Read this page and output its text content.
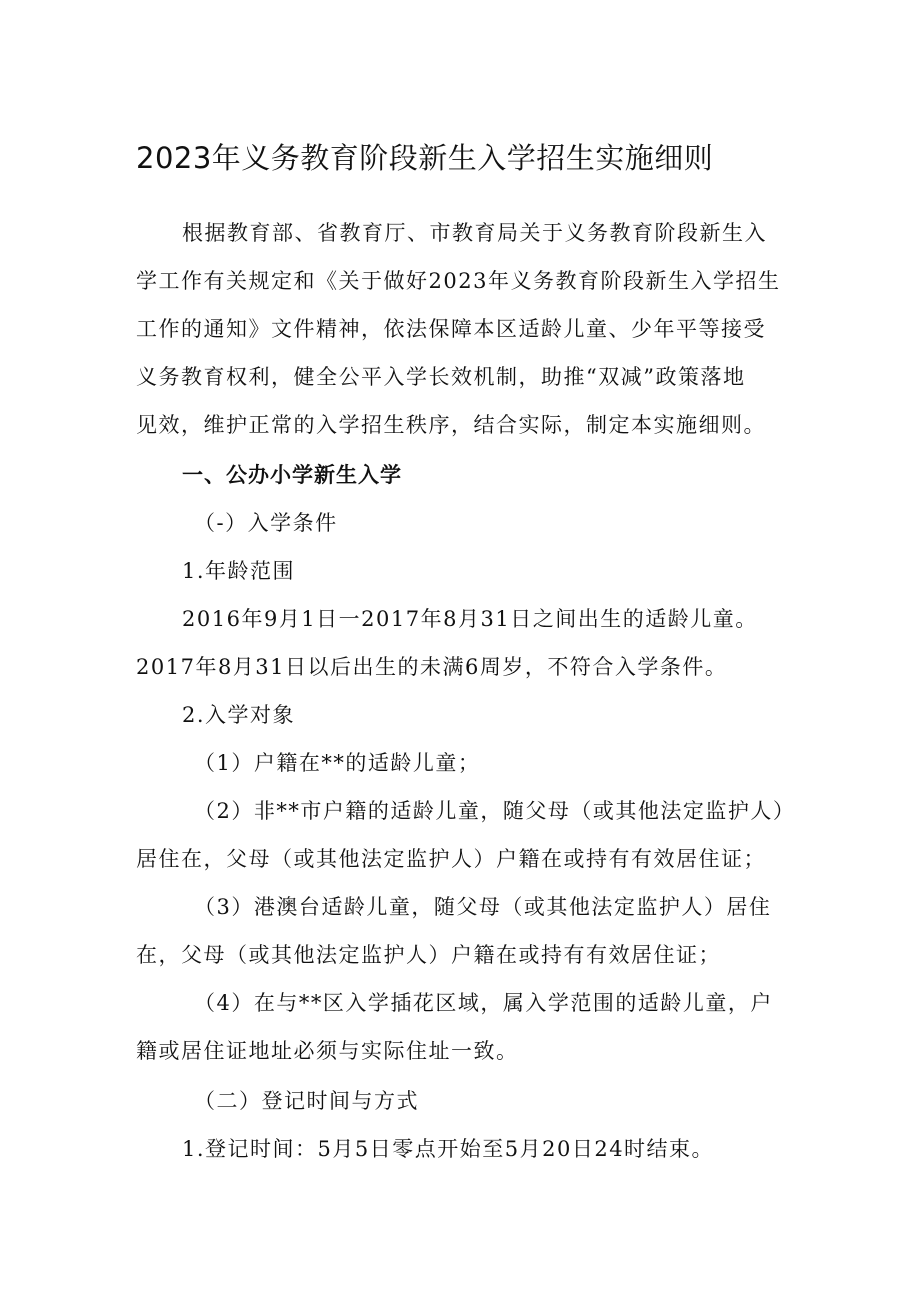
2023年义务教育阶段新生入学招生实施细则
根据教育部、省教育厅、市教育局关于义务教育阶段新生入
学工作有关规定和《关于做好2023年义务教育阶段新生入学招生
工作的通知》文件精神，依法保障本区适龄儿童、少年平等接受
义务教育权利，健全公平入学长效机制，助推“双减”政策落地
见效，维护正常的入学招生秩序，结合实际，制定本实施细则。
一、公办小学新生入学
（-）入学条件
1.年龄范围
2016年9月1日一2017年8月31日之间出生的适龄儿童。
2017年8月31日以后出生的未满6周岁，不符合入学条件。
2.入学对象
（1）户籍在**的适龄儿童；
（2）非**市户籍的适龄儿童，随父母（或其他法定监护人）
居住在，父母（或其他法定监护人）户籍在或持有有效居住证；
（3）港澳台适龄儿童，随父母（或其他法定监护人）居住
在，父母（或其他法定监护人）户籍在或持有有效居住证；
（4）在与**区入学插花区域，属入学范围的适龄儿童，户
籍或居住证地址必须与实际住址一致。
（二）登记时间与方式
1.登记时间：5月5日零点开始至5月20日24时结束。
